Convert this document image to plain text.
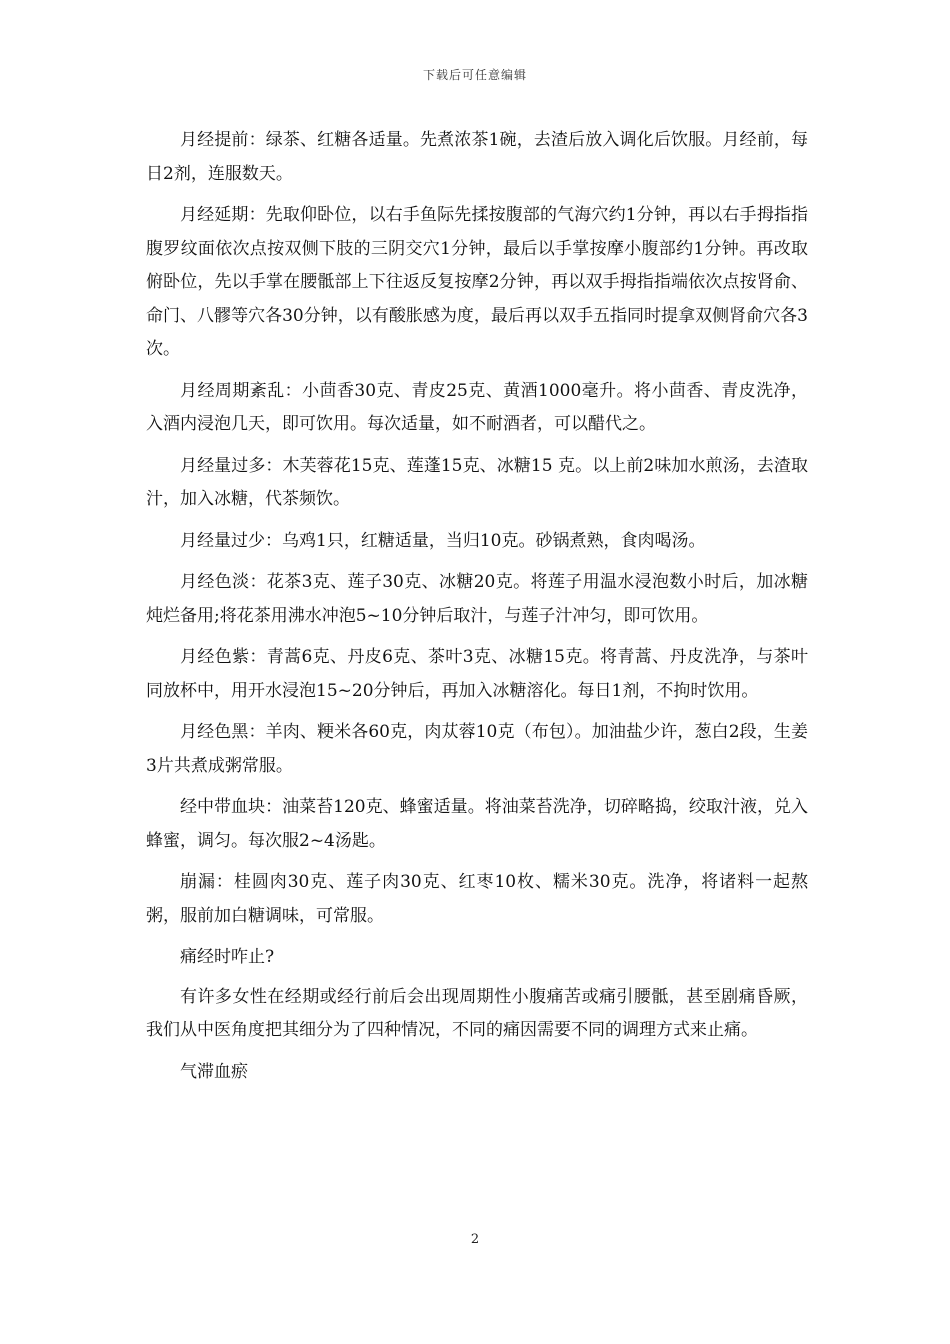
下载后可任意编辑

月经提前：绿茶、红糖各适量。先煮浓茶1碗，去渣后放入调化后饮服。月经前，每日2剂，连服数天。

月经延期：先取仰卧位，以右手鱼际先揉按腹部的气海穴约1分钟，再以右手拇指指腹罗纹面依次点按双侧下肢的三阴交穴1分钟，最后以手掌按摩小腹部约1分钟。再改取俯卧位，先以手掌在腰骶部上下往返反复按摩2分钟，再以双手拇指指端依次点按肾俞、命门、八髎等穴各30分钟，以有酸胀感为度，最后再以双手五指同时提拿双侧肾俞穴各3次。

月经周期紊乱：小茴香30克、青皮25克、黄酒1000毫升。将小茴香、青皮洗净，入酒内浸泡几天，即可饮用。每次适量，如不耐酒者，可以醋代之。

月经量过多：木芙蓉花15克、莲蓬15克、冰糖15 克。以上前2味加水煎汤，去渣取汁，加入冰糖，代茶频饮。

月经量过少：乌鸡1只，红糖适量，当归10克。砂锅煮熟，食肉喝汤。

月经色淡：花茶3克、莲子30克、冰糖20克。将莲子用温水浸泡数小时后，加冰糖炖烂备用;将花茶用沸水冲泡5~10分钟后取汁，与莲子汁冲匀，即可饮用。

月经色紫：青蒿6克、丹皮6克、茶叶3克、冰糖15克。将青蒿、丹皮洗净，与茶叶同放杯中，用开水浸泡15~20分钟后，再加入冰糖溶化。每日1剂，不拘时饮用。

月经色黑：羊肉、粳米各60克，肉苁蓉10克（布包）。加油盐少许，葱白2段，生姜3片共煮成粥常服。

经中带血块：油菜苔120克、蜂蜜适量。将油菜苔洗净，切碎略捣，绞取汁液，兑入蜂蜜，调匀。每次服2~4汤匙。

崩漏：桂圆肉30克、莲子肉30克、红枣10枚、糯米30克。洗净，将诸料一起熬粥，服前加白糖调味，可常服。

痛经时咋止?

有许多女性在经期或经行前后会出现周期性小腹痛苦或痛引腰骶，甚至剧痛昏厥，我们从中医角度把其细分为了四种情况，不同的痛因需要不同的调理方式来止痛。

气滞血瘀

2
